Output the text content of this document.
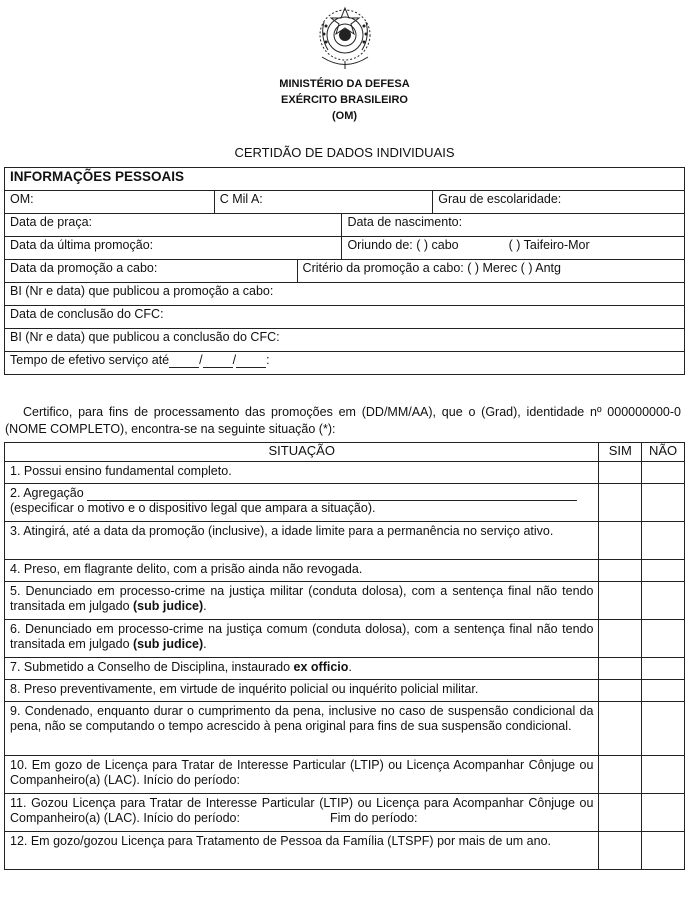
MINISTÉRIO DA DEFESA
EXÉRCITO BRASILEIRO
(OM)
CERTIDÃO DE DADOS INDIVIDUAIS
INFORMAÇÕES PESSOAIS				
OM:	C Mil A:			Grau de escolaridade:
Data de praça:			Data de nascimento:	
Data da última promoção:			Oriundo de: ( ) cabo ( ) Taifeiro-Mor	
Data da promoção a cabo:		Critério da promoção a cabo: ( ) Merec ( ) Antg		
BI (Nr e data) que publicou a promoção a cabo:				
Data de conclusão do CFC:				
BI (Nr e data) que publicou a conclusão do CFC:				
Tempo de efetivo serviço até / / :				
Certifico, para fins de processamento das promoções em (DD/MM/AA), que o (Grad), identidade nº 000000000-0 (NOME COMPLETO), encontra-se na seguinte situação (*):
SITUAÇÃO	SIM	NÃO
1. Possui ensino fundamental completo.		
2. Agregação
(especificar o motivo e o dispositivo legal que ampara a situação).		
3. Atingirá, até a data da promoção (inclusive), a idade limite para a permanência no serviço ativo.		
4. Preso, em flagrante delito, com a prisão ainda não revogada.		
5. Denunciado em processo-crime na justiça militar (conduta dolosa), com a sentença final não tendo transitada em julgado (sub judice).		
6. Denunciado em processo-crime na justiça comum (conduta dolosa), com a sentença final não tendo transitada em julgado (sub judice).		
7. Submetido a Conselho de Disciplina, instaurado ex officio.		
8. Preso preventivamente, em virtude de inquérito policial ou inquérito policial militar.		
9. Condenado, enquanto durar o cumprimento da pena, inclusive no caso de suspensão condicional da pena, não se computando o tempo acrescido à pena original para fins de sua suspensão condicional.		
10. Em gozo de Licença para Tratar de Interesse Particular (LTIP) ou Licença Acompanhar Cônjuge ou Companheiro(a) (LAC). Início do período:		
11. Gozou Licença para Tratar de Interesse Particular (LTIP) ou Licença para Acompanhar Cônjuge ou Companheiro(a) (LAC). Início do período: Fim do período:		
12. Em gozo/gozou Licença para Tratamento de Pessoa da Família (LTSPF) por mais de um ano.		
